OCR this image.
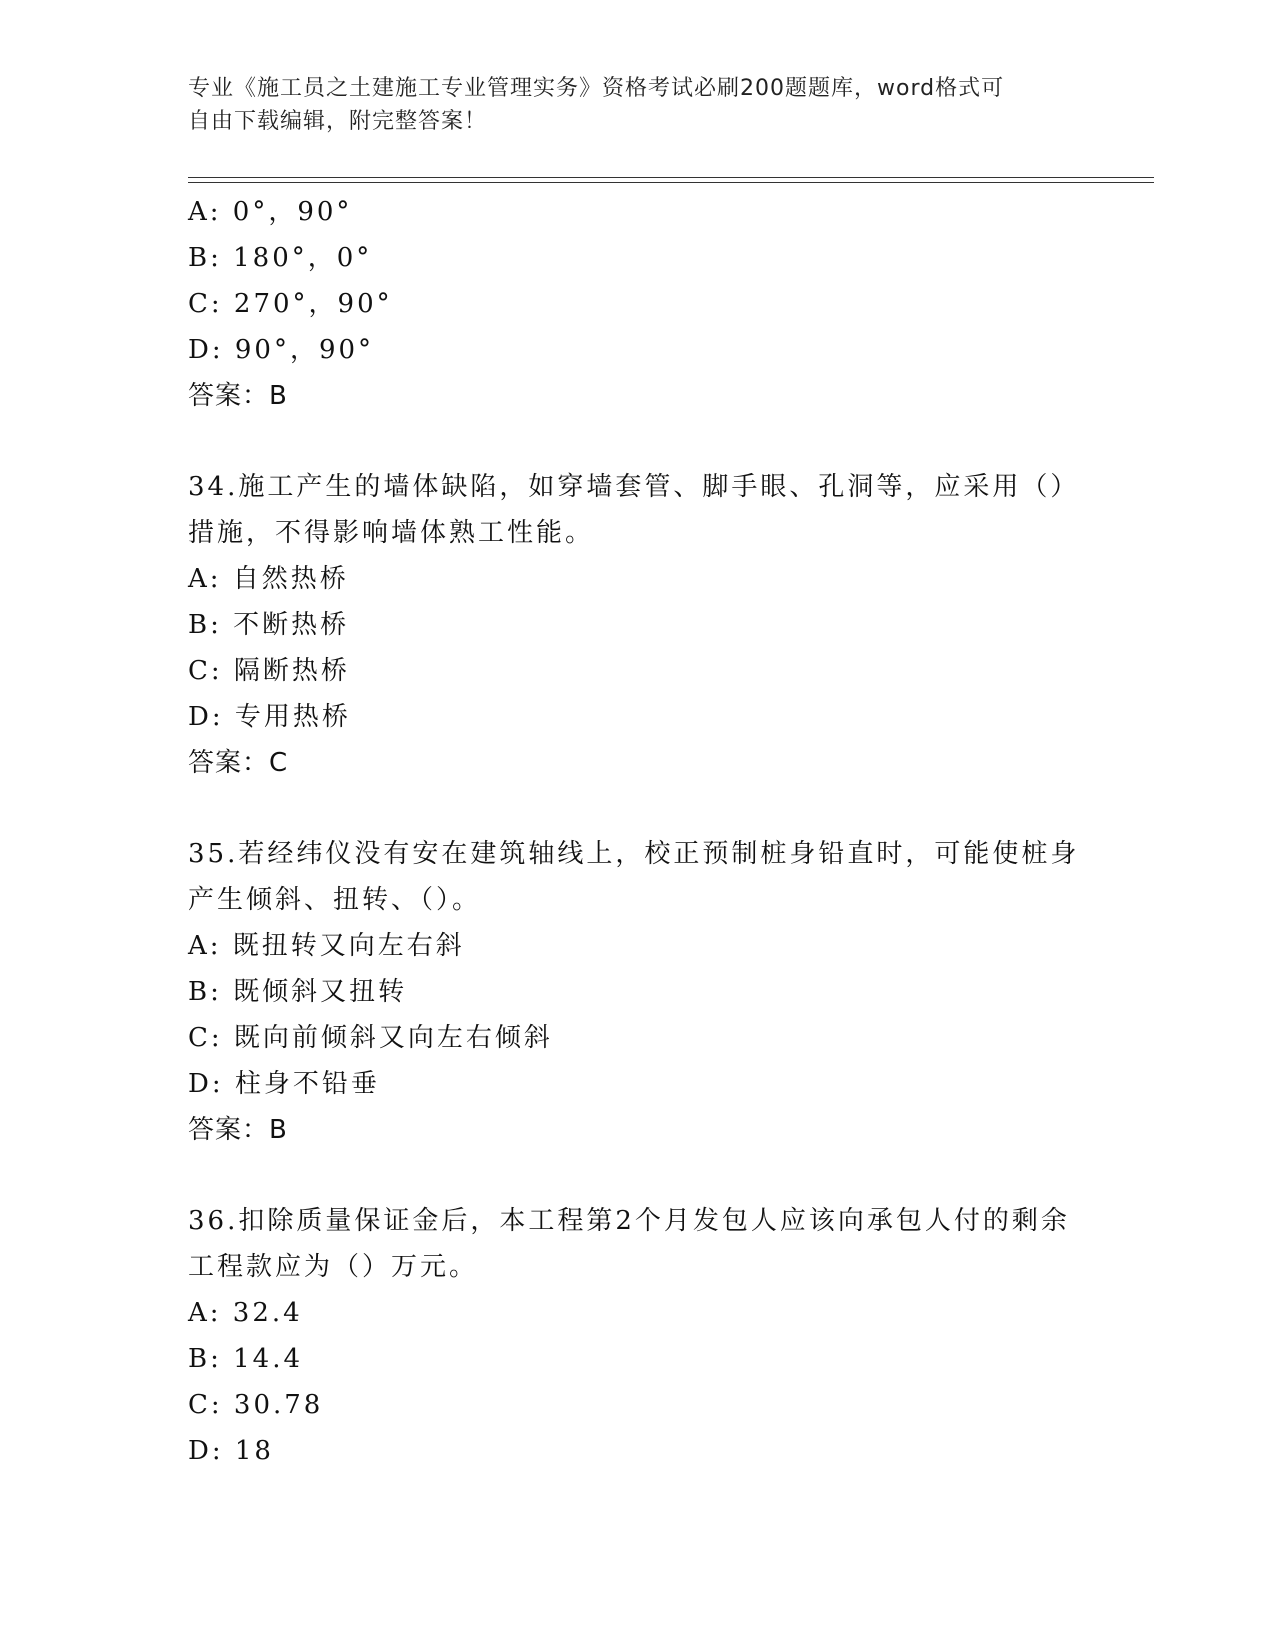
专业《施工员之土建施工专业管理实务》资格考试必刷200题题库，word格式可
自由下载编辑，附完整答案！
A: 0°，90°
B: 180°，0°
C: 270°，90°
D: 90°，90°
答案：B
34.施工产生的墙体缺陷，如穿墙套管、脚手眼、孔洞等，应采用（）
措施，不得影响墙体熟工性能。
A: 自然热桥
B: 不断热桥
C: 隔断热桥
D: 专用热桥
答案：C
35.若经纬仪没有安在建筑轴线上，校正预制桩身铅直时，可能使桩身
产生倾斜、扭转、（）。
A: 既扭转又向左右斜
B: 既倾斜又扭转
C: 既向前倾斜又向左右倾斜
D: 柱身不铅垂
答案：B
36.扣除质量保证金后，本工程第2个月发包人应该向承包人付的剩余
工程款应为（）万元。
A: 32.4
B: 14.4
C: 30.78
D: 18
